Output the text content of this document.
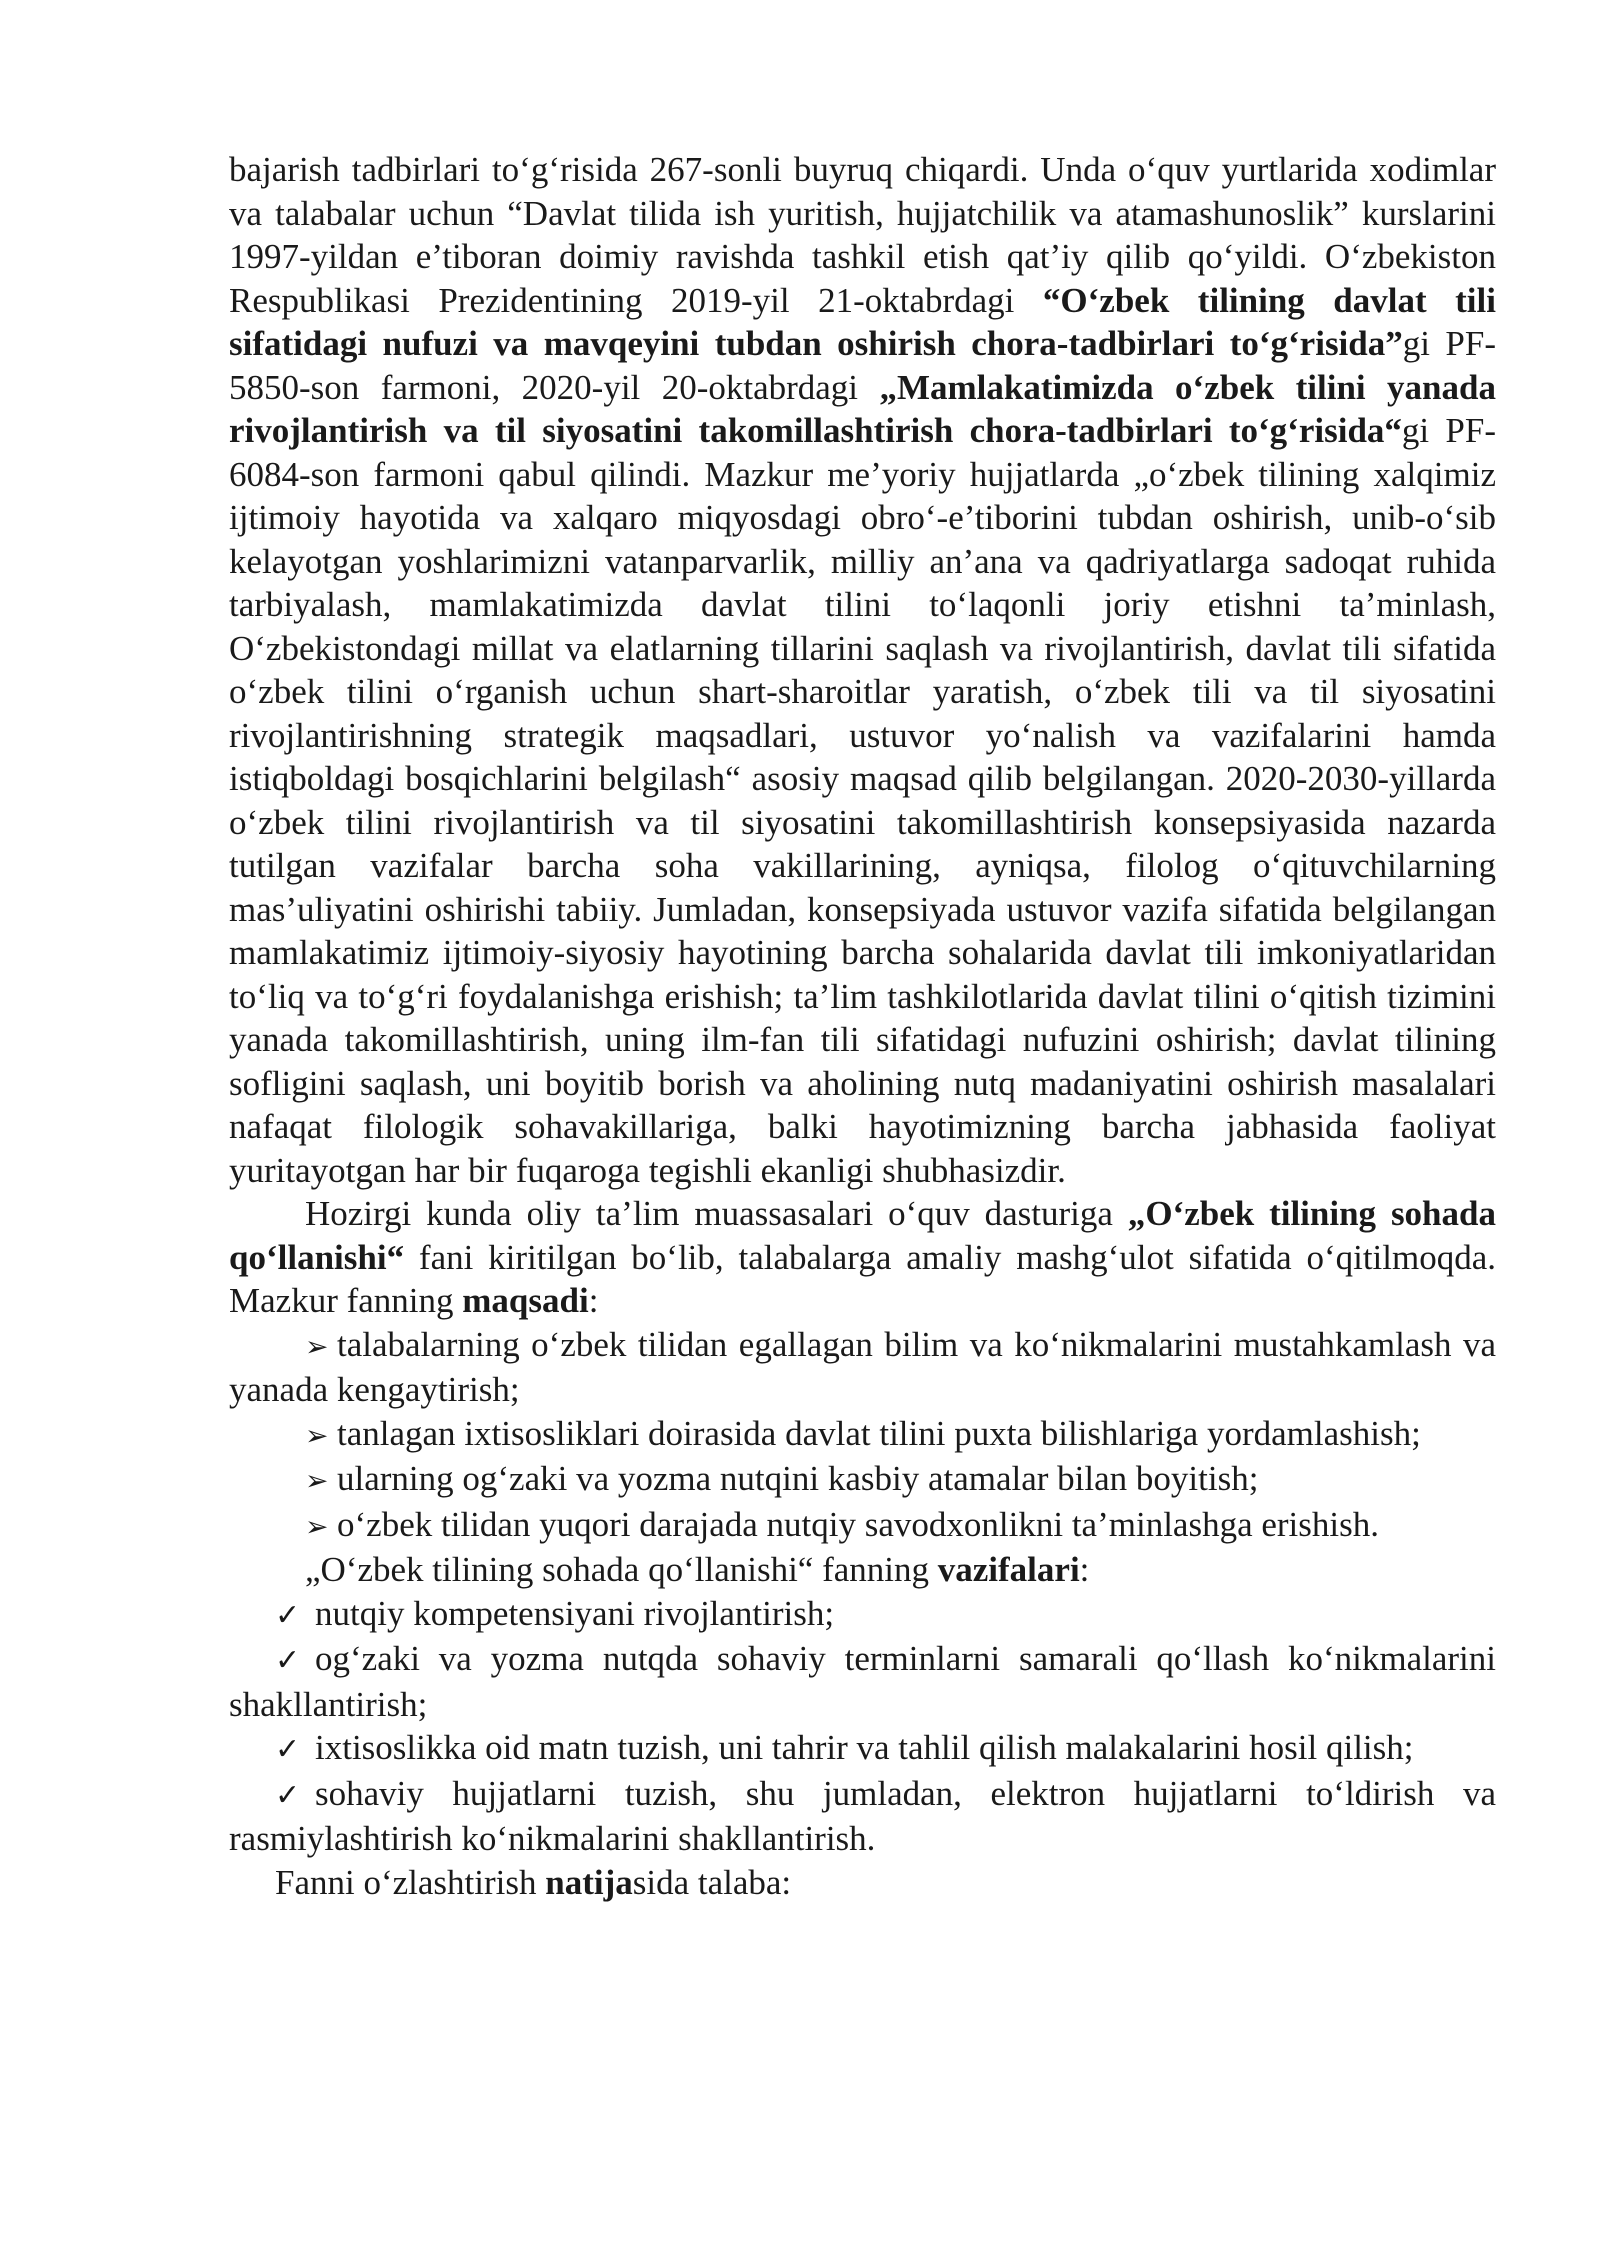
bajarish tadbirlari to‘g‘risida 267-sonli buyruq chiqardi. Unda o‘quv yurtlarida xodimlar va talabalar uchun “Davlat tilida ish yuritish, hujjatchilik va atamashunoslik” kurslarini 1997-yildan e’tiboran doimiy ravishda tashkil etish qat’iy qilib qo‘yildi. O‘zbekiston Respublikasi Prezidentining 2019-yil 21-oktabrdagi “O‘zbek tilining davlat tili sifatidagi nufuzi va mavqeyini tubdan oshirish chora-tadbirlari to‘g‘risida”gi PF-5850-son farmoni, 2020-yil 20-oktabrdagi „Mamlakatimizda o‘zbek tilini yanada rivojlantirish va til siyosatini takomillashtirish chora-tadbirlari to‘g‘risida“gi PF-6084-son farmoni qabul qilindi. Mazkur me’yoriy hujjatlarda „o‘zbek tilining xalqimiz ijtimoiy hayotida va xalqaro miqyosdagi obro‘-e’tiborini tubdan oshirish, unib-o‘sib kelayotgan yoshlarimizni vatanparvarlik, milliy an’ana va qadriyatlarga sadoqat ruhida tarbiyalash, mamlakatimizda davlat tilini to‘laqonli joriy etishni ta’minlash, O‘zbekistondagi millat va elatlarning tillarini saqlash va rivojlantirish, davlat tili sifatida o‘zbek tilini o‘rganish uchun shart-sharoitlar yaratish, o‘zbek tili va til siyosatini rivojlantirishning strategik maqsadlari, ustuvor yo‘nalish va vazifalarini hamda istiqboldagi bosqichlarini belgilash“ asosiy maqsad qilib belgilangan. 2020-2030-yillarda o‘zbek tilini rivojlantirish va til siyosatini takomillashtirish konsepsiyasida nazarda tutilgan vazifalar barcha soha vakillarining, ayniqsa, filolog o‘qituvchilarning mas’uliyatini oshirishi tabiiy. Jumladan, konsepsiyada ustuvor vazifa sifatida belgilangan mamlakatimiz ijtimoiy-siyosiy hayotining barcha sohalarida davlat tili imkoniyatlaridan to‘liq va to‘g‘ri foydalanishga erishish; ta’lim tashkilotlarida davlat tilini o‘qitish tizimini yanada takomillashtirish, uning ilm-fan tili sifatidagi nufuzini oshirish; davlat tilining sofligini saqlash, uni boyitib borish va aholining nutq madaniyatini oshirish masalalari nafaqat filologik sohavakillariga, balki hayotimizning barcha jabhasida faoliyat yuritayotgan har bir fuqaroga tegishli ekanligi shubhasizdir.

Hozirgi kunda oliy ta’lim muassasalari o‘quv dasturiga „O‘zbek tilining sohada qo‘llanishi“ fani kiritilgan bo‘lib, talabalarga amaliy mashg‘ulot sifatida o‘qitilmoqda. Mazkur fanning maqsadi:

➢ talabalarning o‘zbek tilidan egallagan bilim va ko‘nikmalarini mustahkamlash va yanada kengaytirish;

➢ tanlagan ixtisosliklari doirasida davlat tilini puxta bilishlariga yordamlashish;

➢ ularning og‘zaki va yozma nutqini kasbiy atamalar bilan boyitish;

➢ o‘zbek tilidan yuqori darajada nutqiy savodxonlikni ta’minlashga erishish.

„O‘zbek tilining sohada qo‘llanishi“ fanning vazifalari:

✓ nutqiy kompetensiyani rivojlantirish;

✓ og‘zaki va yozma nutqda sohaviy terminlarni samarali qo‘llash ko‘nikmalarini shakllantirish;

✓ ixtisoslikka oid matn tuzish, uni tahrir va tahlil qilish malakalarini hosil qilish;

✓ sohaviy hujjatlarni tuzish, shu jumladan, elektron hujjatlarni to‘ldirish va rasmiylashtirish ko‘nikmalarini shakllantirish.

Fanni o‘zlashtirish natijasida talaba:
